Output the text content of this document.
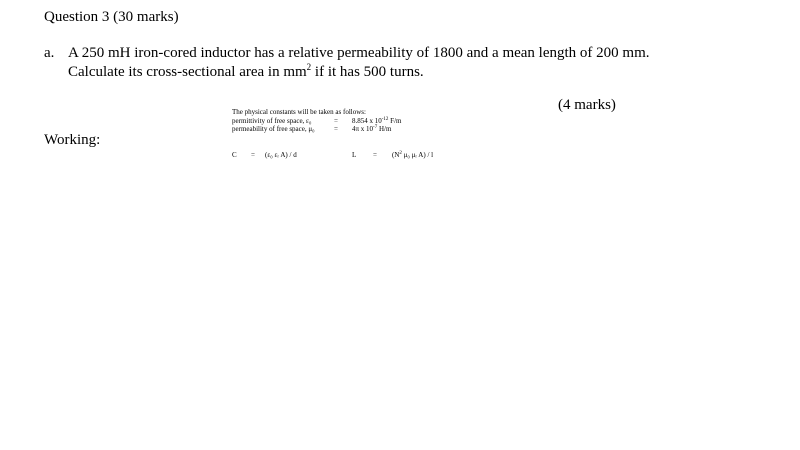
Question 3 (30 marks)
a. A 250 mH iron-cored inductor has a relative permeability of 1800 and a mean length of 200 mm.
Calculate its cross-sectional area in $mm^2$ if it has 500 turns.
(4 marks)
The physical constants will be taken as follows:
permittivity of free space, ε₀	= 8.854 x $10^{-12}$ F/m
permeability of free space, μ₀	= 4π x $10^{-7}$ H/m
C = (ε₀ εᵣ A) / d	$L = (N^2$ μ₀ μᵣ A) / l
Working:
